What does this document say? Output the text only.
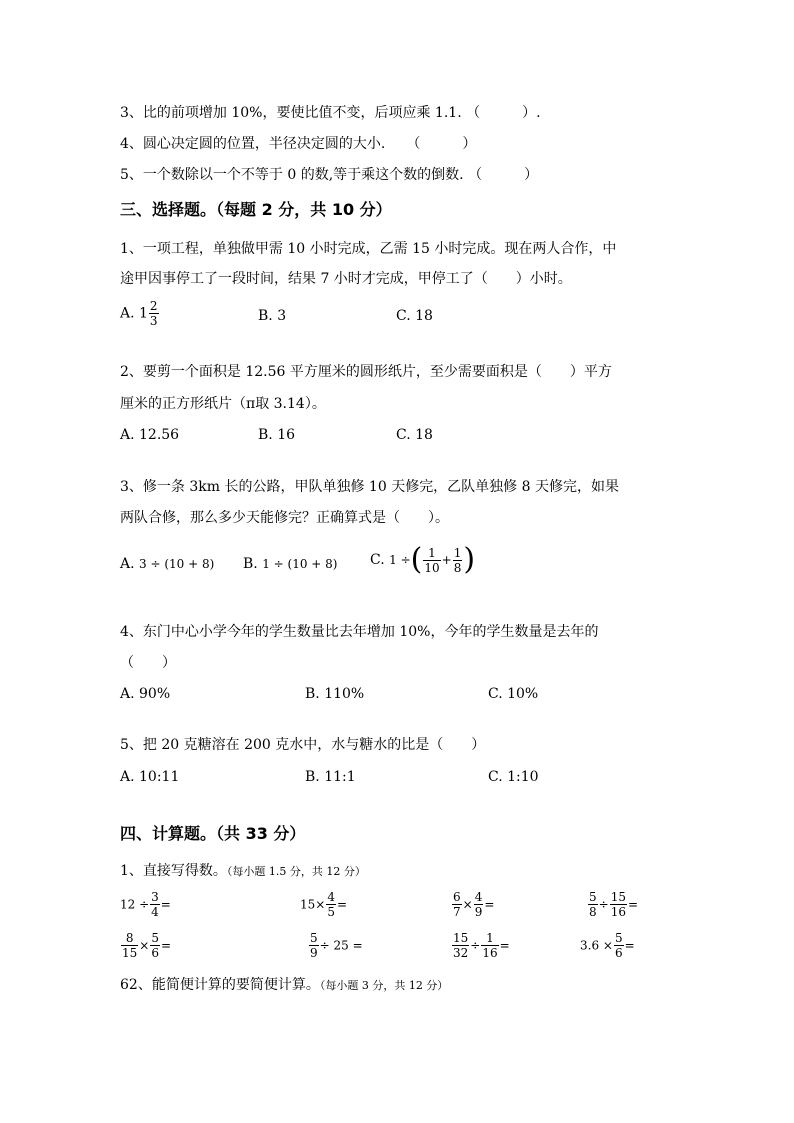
3、比的前项增加 10%，要使比值不变，后项应乘 1.1. （　　　）.
4、圆心决定圆的位置，半径决定圆的大小.　　（　　　）
5、一个数除以一个不等于 0 的数,等于乘这个数的倒数. （　　　）
三、选择题。（每题 2 分，共 10 分）
1、一项工程，单独做甲需 10 小时完成，乙需 15 小时完成。现在两人合作，中
途甲因事停工了一段时间，结果 7 小时才完成，甲停工了（　　）小时。
A. $1 \frac{2}{3}$	B. 3	C. 18
2、要剪一个面积是 12.56 平方厘米的圆形纸片，至少需要面积是（　　）平方
厘米的正方形纸片（π取 3.14）。
A. 12.56	B. 16	C. 18
3、修一条 3km 长的公路，甲队单独修 10 天修完，乙队单独修 8 天修完，如果
两队合修，那么多少天能修完？正确算式是（　　）。
A. 3 ÷ (10 + 8) B. 1 ÷ (10 + 8) C. 1 ÷( $\frac{1}{10} + \frac{1}{8}$ )
4、东门中心小学今年的学生数量比去年增加 10%，今年的学生数量是去年的
（　　）
A. 90%	B. 110%	C. 10%
5、把 20 克糖溶在 200 克水中，水与糖水的比是（　　）
A. 10:11	B. 11:1	C. 1:10
四、计算题。（共 33 分）
1、直接写得数。（每小题 1.5 分，共 12 分）
$12 \div \frac{3}{4}$ =	$15\times \frac{4}{5}$ =	$\frac{6}{7} \times \frac{4}{9}$ =	$\frac{5}{8} \div \frac{15}{16}$ =
$\frac{8}{15} \times \frac{5}{6}$ =	$\frac{5}{9} \div 25$ =	$\frac{15}{32} \div \frac{1}{16}$ =	$3.6 \times \frac{5}{6}$ =
62、能简便计算的要简便计算。（每小题 3 分，共 12 分）
